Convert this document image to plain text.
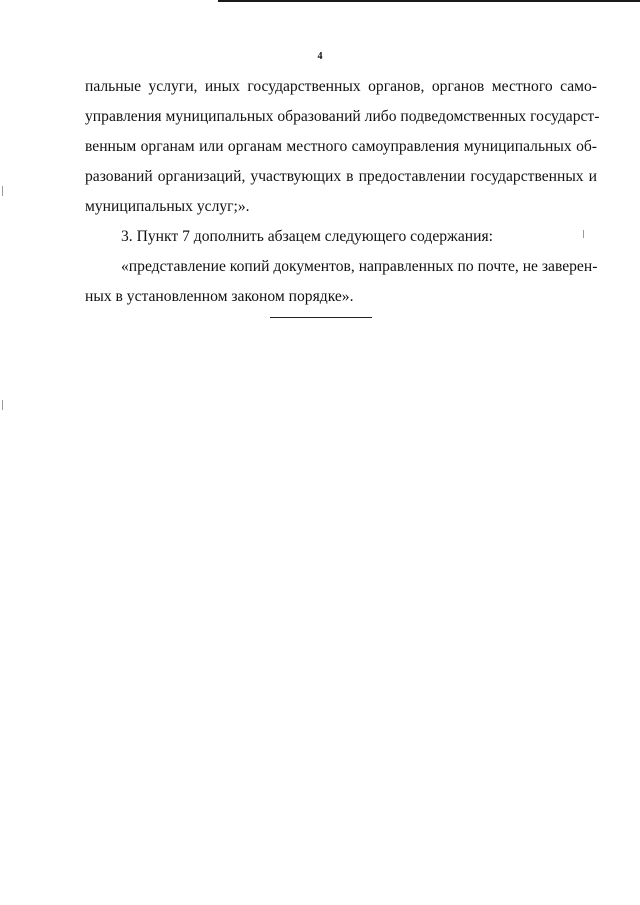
4
пальные услуги, иных государственных органов, органов местного само-
управления муниципальных образований либо подведомственных государст-
венным органам или органам местного самоуправления муниципальных об-
разований организаций, участвующих в предоставлении государственных и
муниципальных услуг;».
3. Пункт 7 дополнить абзацем следующего содержания:
«представление копий документов, направленных по почте, не заверен-
ных в установленном законом порядке».
